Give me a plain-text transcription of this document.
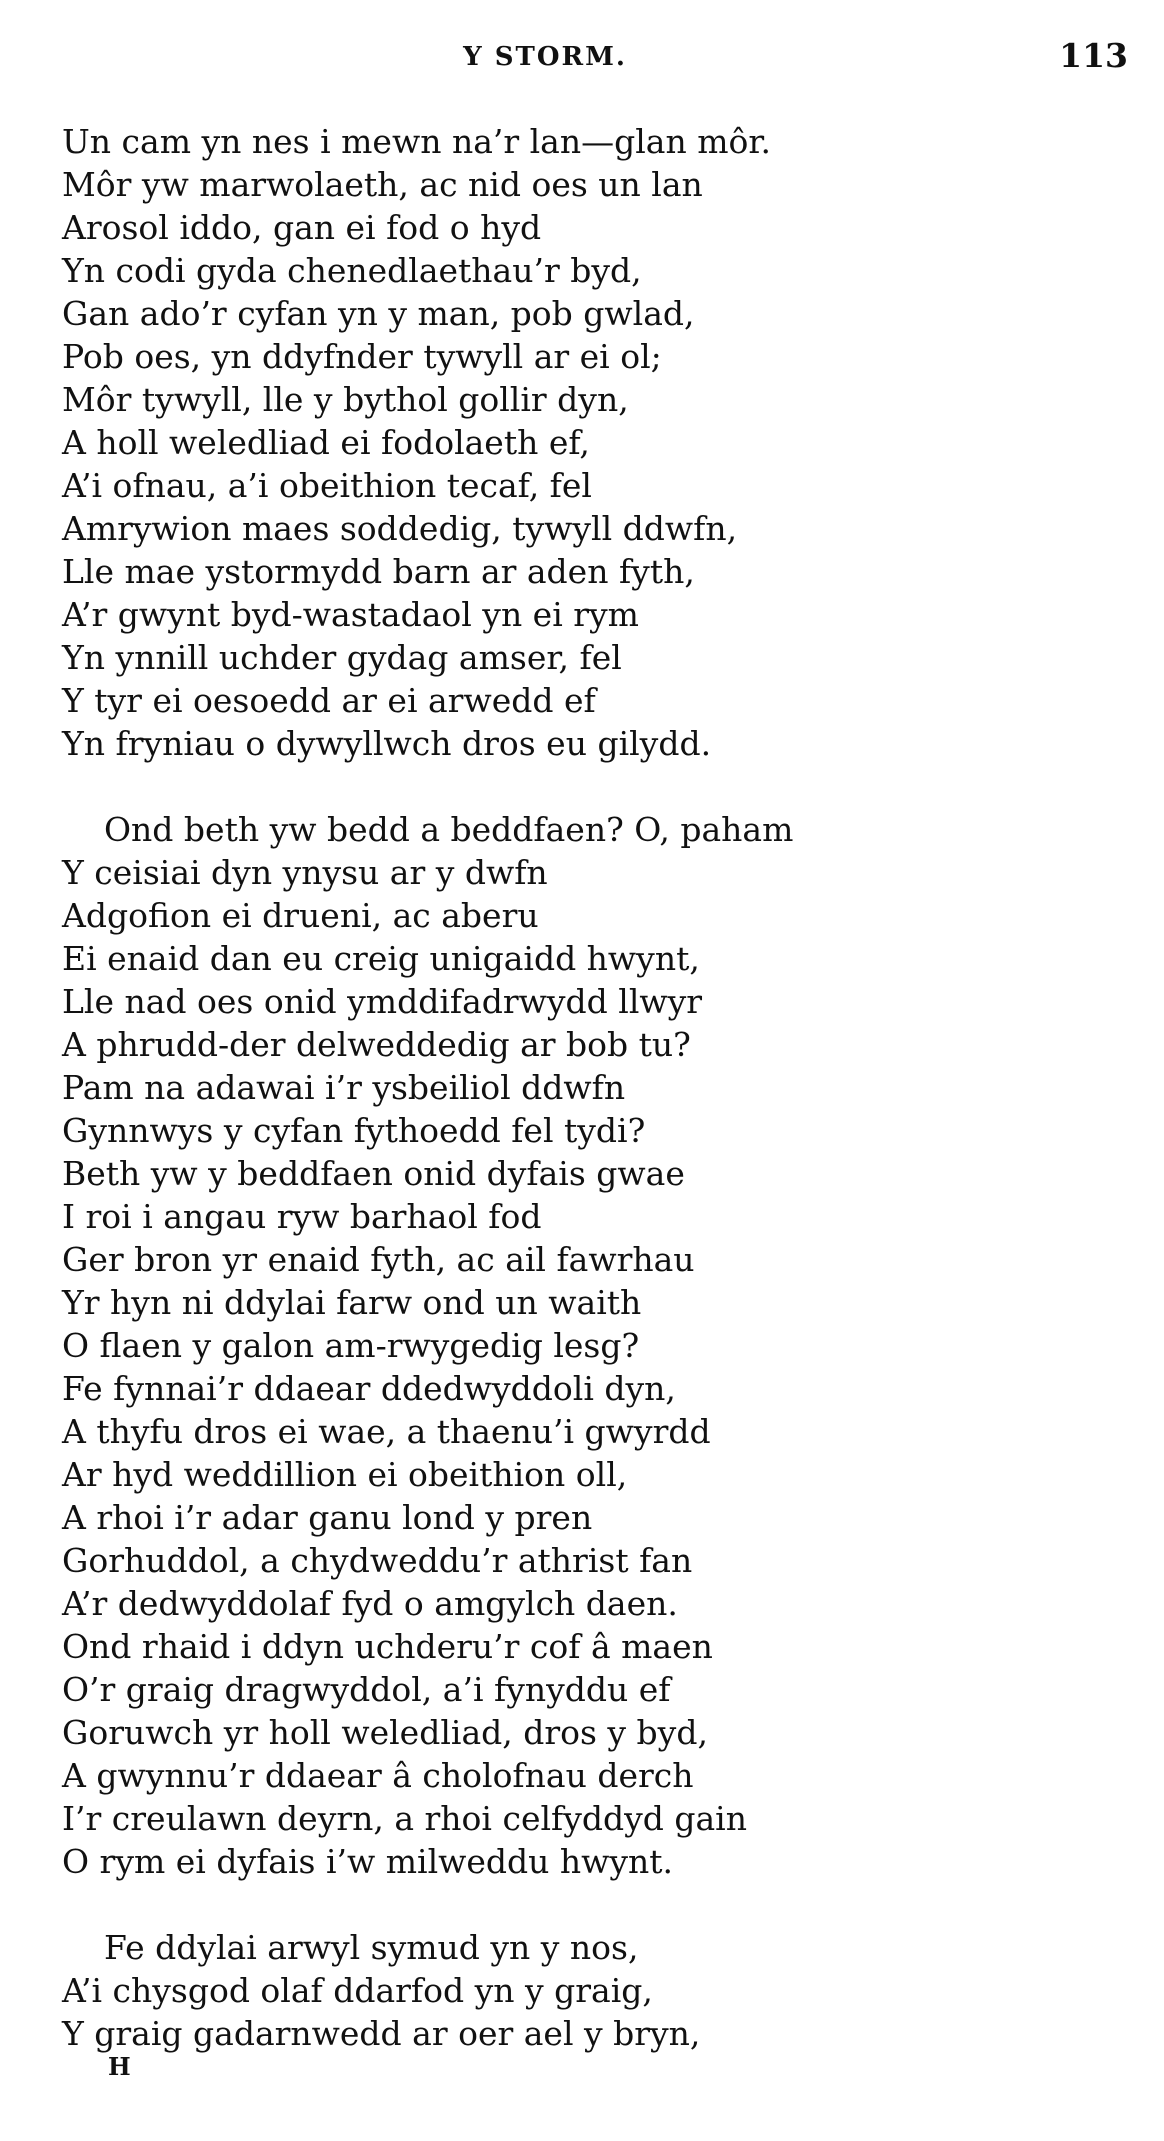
Y STORM.	113
Un cam yn nes i mewn na’r lan—glan môr.
Môr yw marwolaeth, ac nid oes un lan
Arosol iddo, gan ei fod o hyd
Yn codi gyda chenedlaethau’r byd,
Gan ado’r cyfan yn y man, pob gwlad,
Pob oes, yn ddyfnder tywyll ar ei ol;
Môr tywyll, lle y bythol gollir dyn,
A holl weledliad ei fodolaeth ef,
A’i ofnau, a’i obeithion tecaf, fel
Amrywion maes soddedig, tywyll ddwfn,
Lle mae ystormydd barn ar aden fyth,
A’r gwynt byd-wastadaol yn ei rym
Yn ynnill uchder gydag amser, fel
Y tyr ei oesoedd ar ei arwedd ef
Yn fryniau o dywyllwch dros eu gilydd.
Ond beth yw bedd a beddfaen? O, paham
Y ceisiai dyn ynysu ar y dwfn
Adgofion ei drueni, ac aberu
Ei enaid dan eu creig unigaidd hwynt,
Lle nad oes onid ymddifadrwydd llwyr
A phrudd-der delweddedig ar bob tu?
Pam na adawai i’r ysbeiliol ddwfn
Gynnwys y cyfan fythoedd fel tydi?
Beth yw y beddfaen onid dyfais gwae
I roi i angau ryw barhaol fod
Ger bron yr enaid fyth, ac ail fawrhau
Yr hyn ni ddylai farw ond un waith
O flaen y galon am-rwygedig lesg?
Fe fynnai’r ddaear ddedwyddoli dyn,
A thyfu dros ei wae, a thaenu’i gwyrdd
Ar hyd weddillion ei obeithion oll,
A rhoi i’r adar ganu lond y pren
Gorhuddol, a chydweddu’r athrist fan
A’r dedwyddolaf fyd o amgylch daen.
Ond rhaid i ddyn uchderu’r cof â maen
O’r graig dragwyddol, a’i fynyddu ef
Goruwch yr holl weledliad, dros y byd,
A gwynnu’r ddaear â cholofnau derch
I’r creulawn deyrn, a rhoi celfyddyd gain
O rym ei dyfais i’w milweddu hwynt.
Fe ddylai arwyl symud yn y nos,
A’i chysgod olaf ddarfod yn y graig,
Y graig gadarnwedd ar oer ael y bryn,
H
